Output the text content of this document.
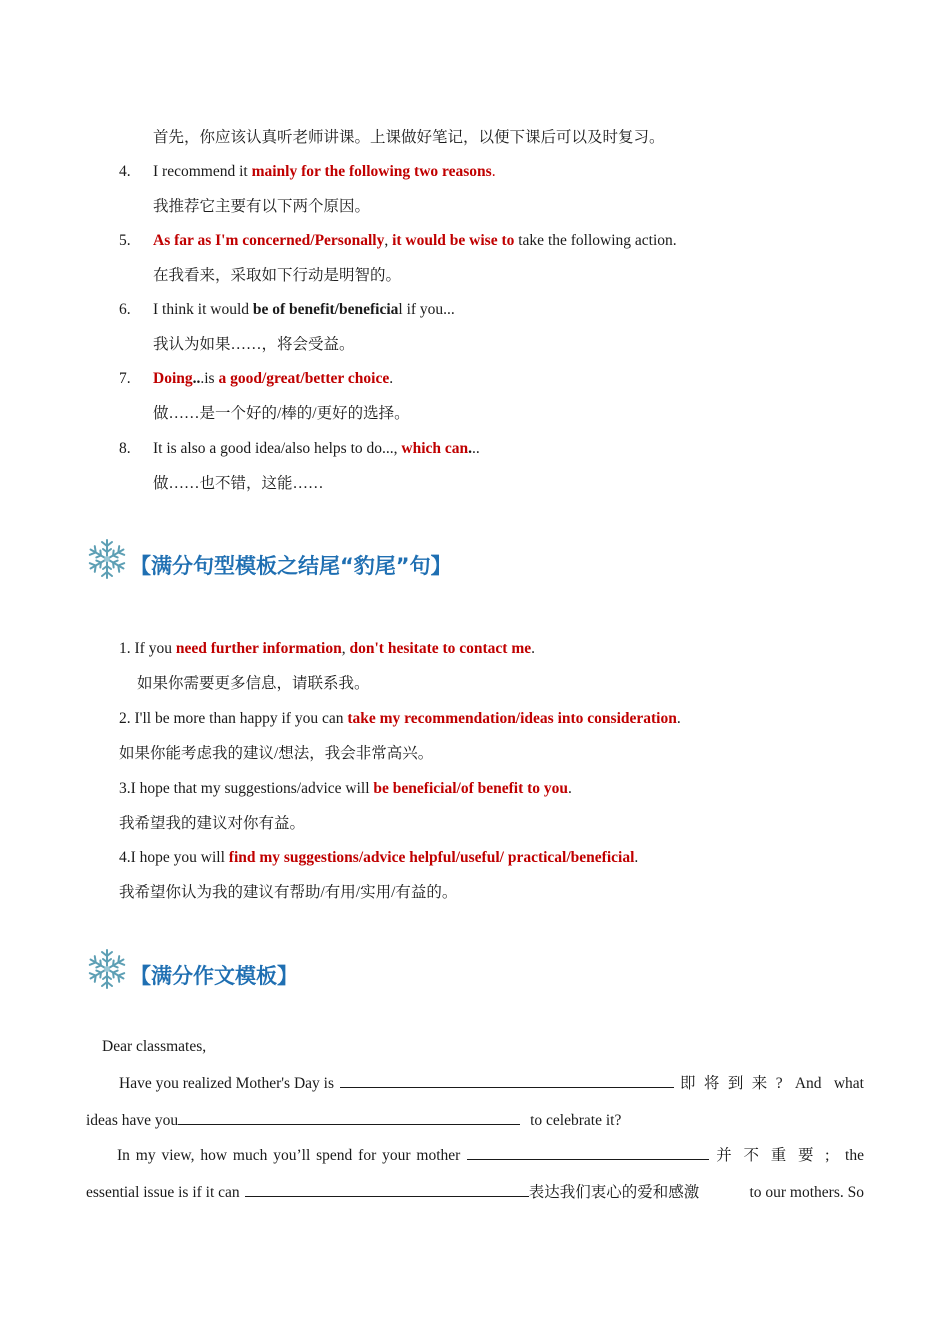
首先，你应该认真听老师讲课。上课做好笔记，以便下课后可以及时复习。
4. I recommend it mainly for the following two reasons.
我推荐它主要有以下两个原因。
5. As far as I'm concerned/Personally, it would be wise to take the following action.
在我看来，采取如下行动是明智的。
6. I think it would be of benefit/beneficial if you...
我认为如果……，将会受益。
7. Doing...is a good/great/better choice.
做……是一个好的/棒的/更好的选择。
8. It is also a good idea/also helps to do..., which can...
做……也不错，这能……
【满分句型模板之结尾“豹尾”句】
1. If you need further information, don't hesitate to contact me.
如果你需要更多信息，请联系我。
2. I'll be more than happy if you can take my recommendation/ideas into consideration.
如果你能考虑我的建议/想法，我会非常高兴。
3.I hope that my suggestions/advice will be beneficial/of benefit to you.
我希望我的建议对你有益。
4.I hope you will find my suggestions/advice helpful/useful/ practical/beneficial.
我希望你认为我的建议有帮助/有用/实用/有益的。
【满分作文模板】
Dear classmates,
Have you realized Mother's Day is	即将到来? And what
ideas have you	to celebrate it?
In my view, how much you’ll spend for your mother	并不重要; the
essential issue is if it can	表达我们衷心的爱和感激	to our mothers. So
